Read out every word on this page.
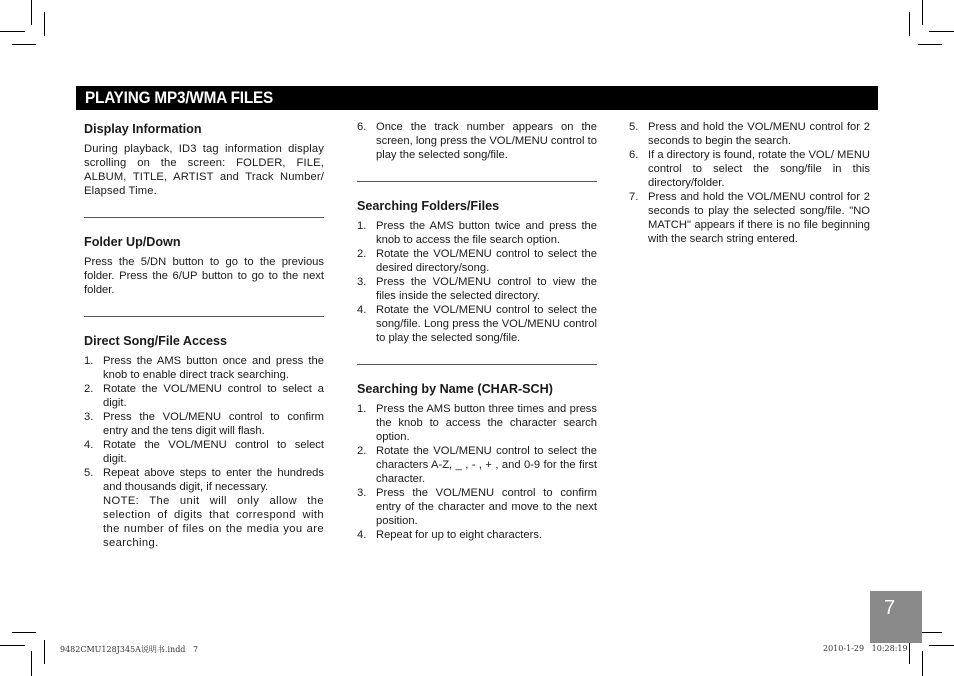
PLAYING MP3/WMA FILES
Display Information

During playback, ID3 tag information display scrolling on the screen: FOLDER, FILE, ALBUM, TITLE, ARTIST and Track Number/ Elapsed Time.

Folder Up/Down

Press the 5/DN button to go to the previous folder. Press the 6/UP button to go to the next folder.

Direct Song/File Access
1. Press the AMS button once and press the knob to enable direct track searching.
2. Rotate the VOL/MENU control to select a digit.
3. Press the VOL/MENU control to confirm entry and the tens digit will flash.
4. Rotate the VOL/MENU control to select digit.
5. Repeat above steps to enter the hundreds and thousands digit, if necessary.
NOTE: The unit will only allow the selection of digits that correspond with the number of files on the media you are searching.
6. Once the track number appears on the screen, long press the VOL/MENU control to play the selected song/file.
Searching Folders/Files
1. Press the AMS button twice and press the knob to access the file search option.
2. Rotate the VOL/MENU control to select the desired directory/song.
3. Press the VOL/MENU control to view the files inside the selected directory.
4. Rotate the VOL/MENU control to select the song/file. Long press the VOL/MENU control to play the selected song/file.
Searching by Name (CHAR-SCH)
1. Press the AMS button three times and press the knob to access the character search option.
2. Rotate the VOL/MENU control to select the characters A-Z, _ , - , + , and 0-9 for the first character.
3. Press the VOL/MENU control to confirm entry of the character and move to the next position.
4. Repeat for up to eight characters.
5. Press and hold the VOL/MENU control for 2 seconds to begin the search.
6. If a directory is found, rotate the VOL/ MENU control to select the song/file in this directory/folder.
7. Press and hold the VOL/MENU control for 2 seconds to play the selected song/file. "NO MATCH" appears if there is no file beginning with the search string entered.
7
9482CMU128J345A说明书.indd   7	2010-1-29   10:28:19
